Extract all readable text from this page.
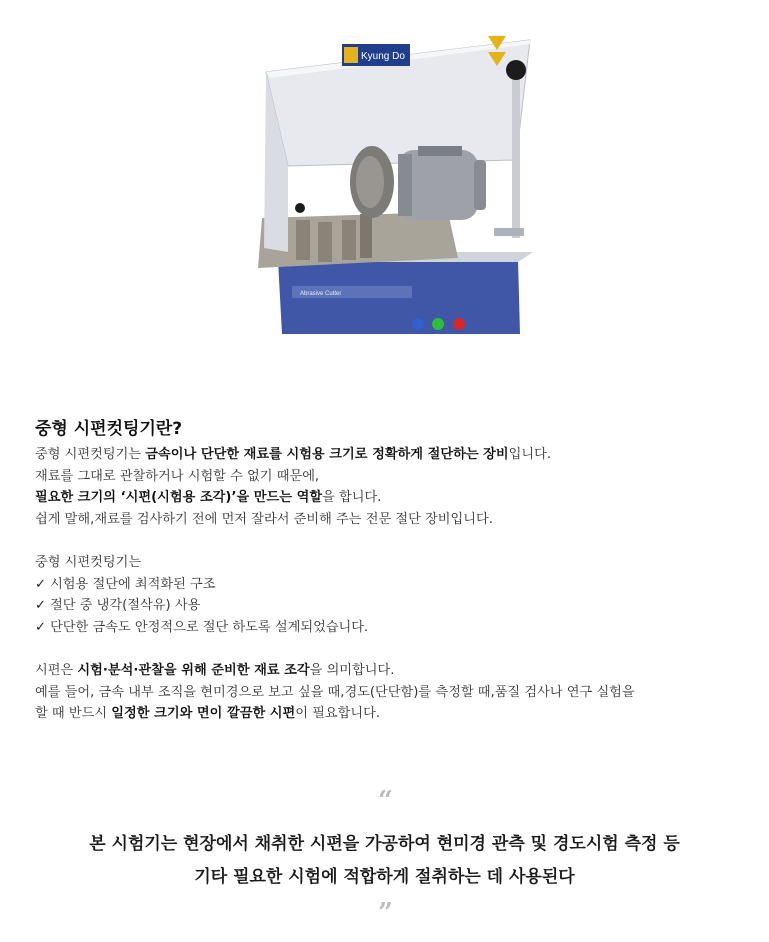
Abrasive Cutter
Kyung Do
중형 시편컷팅기란?

중형 시편컷팅기는 금속이나 단단한 재료를 시험용 크기로 정확하게 절단하는 장비입니다.

재료를 그대로 관찰하거나 시험할 수 없기 때문에,

필요한 크기의 ‘시편(시험용 조각)’을 만드는 역할을 합니다.

쉽게 말해,재료를 검사하기 전에 먼저 잘라서 준비해 주는 전문 절단 장비입니다.

중형 시편컷팅기는

✓ 시험용 절단에 최적화된 구조

✓ 절단 중 냉각(절삭유) 사용

✓ 단단한 금속도 안정적으로 절단 하도록 설계되었습니다.

시편은 시험·분석·관찰을 위해 준비한 재료 조각을 의미합니다.

예를 들어, 금속 내부 조직을 현미경으로 보고 싶을 때,경도(단단함)를 측정할 때,품질 검사나 연구 실험을

할 때 반드시 일정한 크기와 면이 깔끔한 시편이 필요합니다.

“
본 시험기는 현장에서 채취한 시편을 가공하여 현미경 관측 및 경도시험 측정 등
기타 필요한 시험에 적합하게 절취하는 데 사용된다
”
